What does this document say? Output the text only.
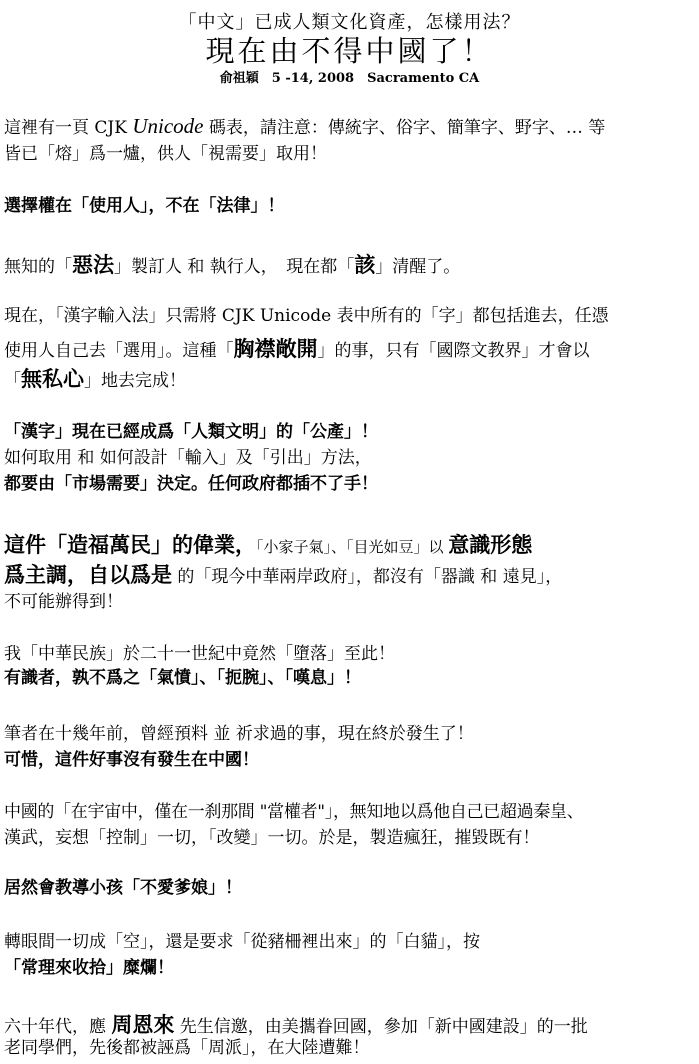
「中文」已成人類文化資產，怎樣用法？
現在由不得中國了！
俞祖穎　5 -14, 2008　Sacramento CA
這裡有一頁 CJK Unicode 碼表，請注意：傳統字、俗字、簡筆字、野字、… 等
皆已「熔」爲一爐，供人「視需要」取用！
選擇權在「使用人」，不在「法律」！
無知的「惡法」製訂人 和 執行人，　現在都「該」清醒了。
現在，「漢字輸入法」只需將 CJK Unicode 表中所有的「字」都包括進去，任憑
使用人自己去「選用」。這種「胸襟敞開」的事，只有「國際文教界」才會以
「無私心」地去完成！
「漢字」現在已經成爲「人類文明」的「公產」！
如何取用 和 如何設計「輸入」及「引出」方法，
都要由「市場需要」決定。任何政府都插不了手！
這件「造福萬民」的偉業，「小家子氣」、「目光如豆」以 意識形態
爲主調，自以爲是 的「現今中華兩岸政府」，都沒有「器識 和 遠見」，
不可能辦得到！
我「中華民族」於二十一世紀中竟然「墮落」至此！
有識者，孰不爲之「氣憤」、「扼腕」、「嘆息」！
筆者在十幾年前，曾經預料 並 祈求過的事，現在終於發生了！
可惜，這件好事沒有發生在中國！
中國的「在宇宙中，僅在一刹那間 "當權者"」，無知地以爲他自己已超過秦皇、
漢武，妄想「控制」一切，「改變」一切。於是，製造瘋狂，摧毀既有！
居然會教導小孩「不愛爹娘」！
轉眼間一切成「空」，還是要求「從豬柵裡出來」的「白貓」，按
「常理來收拾」糜爛！
六十年代，應 周恩來 先生信邀，由美攜眷回國，參加「新中國建設」的一批
老同學們，先後都被誣爲「周派」，在大陸遭難！
